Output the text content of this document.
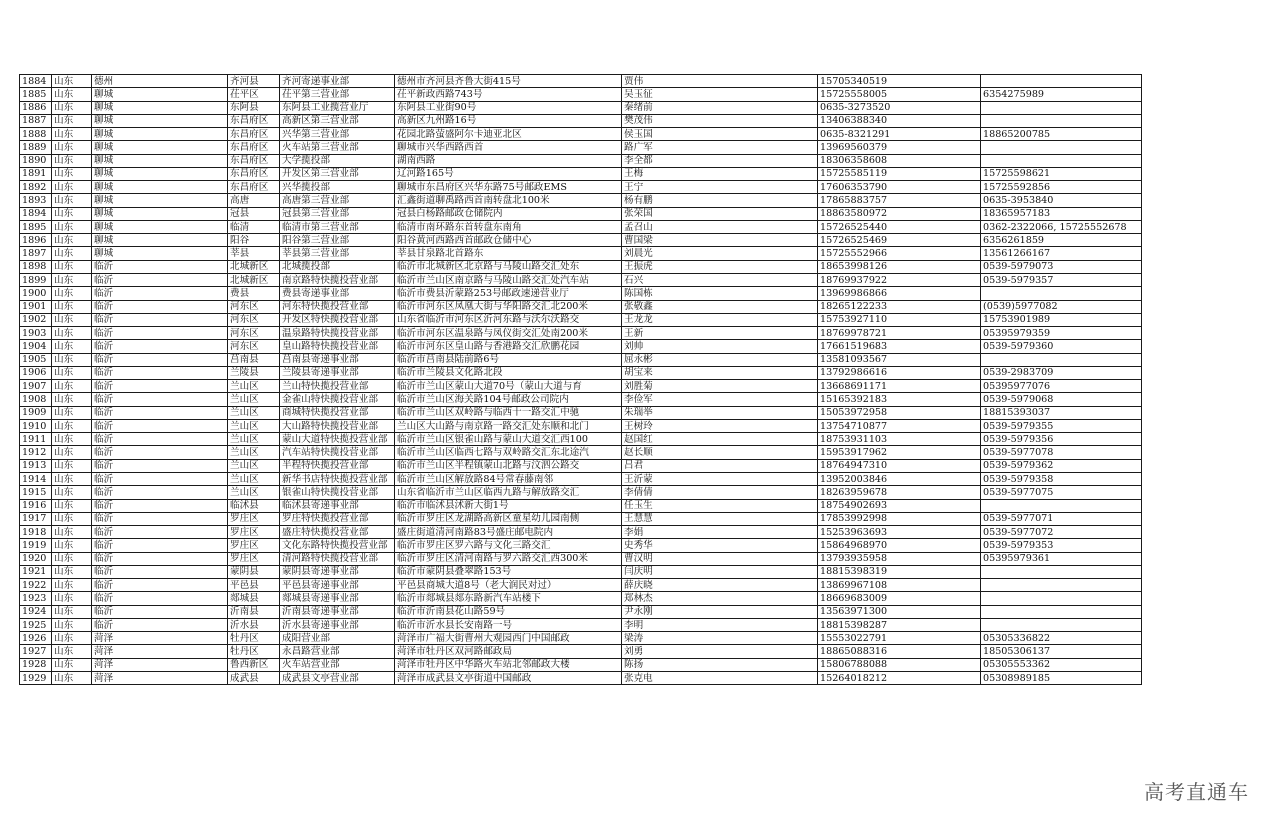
1884	山东	德州	齐河县	齐河寄递事业部	德州市齐河县齐鲁大街415号	贾伟	15705340519	
1885	山东	聊城	茌平区	茌平第三营业部	茌平新政西路743号	吴玉征	15725558005	6354275989
1886	山东	聊城	东阿县	东阿县工业揽营业厅	东阿县工业街90号	秦绪前	0635-3273520	
1887	山东	聊城	东昌府区	高新区第三营业部	高新区九州路16号	樊茂伟	13406388340	
1888	山东	聊城	东昌府区	兴华第三营业部	花园北路萤盛阿尔卡迪亚北区	侯玉国	0635-8321291	18865200785
1889	山东	聊城	东昌府区	火车站第三营业部	聊城市兴华西路西首	路广军	13969560379	
1890	山东	聊城	东昌府区	大学揽投部	湖南西路	李全都	18306358608	
1891	山东	聊城	东昌府区	开发区第三营业部	辽河路165号	王梅	15725585119	15725598621
1892	山东	聊城	东昌府区	兴华揽投部	聊城市东昌府区兴华东路75号邮政EMS	王宁	17606353790	15725592856
1893	山东	聊城	高唐	高唐第三营业部	汇鑫街道聊禹路西首南转盘北100米	杨有鹏	17865883757	0635-3953840
1894	山东	聊城	冠县	冠县第三营业部	冠县白杨路邮政仓储院内	张荣国	18863580972	18365957183
1895	山东	聊城	临清	临清市第三营业部	临清市南环路东首转盘东南角	孟召山	15726525440	0362-2322066, 15725552678
1896	山东	聊城	阳谷	阳谷第三营业部	阳谷黄河西路西首邮政仓储中心	曹国梁	15726525469	6356261859
1897	山东	聊城	莘县	莘县第三营业部	莘县甘泉路北首路东	刘晨光	15725552966	13561266167
1898	山东	临沂	北城新区	北城揽投部	临沂市北城新区北京路与马陵山路交汇处东	王振虎	18653998126	0539-5979073
1899	山东	临沂	北城新区	南京路特快揽投营业部	临沂市兰山区南京路与马陵山路交汇处汽车站	石兴	18769937922	0539-5979357
1900	山东	临沂	费县	费县寄递事业部	临沂市费县沂蒙路253号邮政速递营业厅	陈国栋	13969986866	
1901	山东	临沂	河东区	河东特快揽投营业部	临沂市河东区凤凰大街与华阳路交汇北200米	张敬鑫	18265122233	(0539)5977082
1902	山东	临沂	河东区	开发区特快揽投营业部	山东省临沂市河东区沂河东路与沃尔沃路交	王龙龙	15753927110	15753901989
1903	山东	临沂	河东区	温泉路特快揽投营业部	临沂市河东区温泉路与凤仪街交汇处南200米	王新	18769978721	05395979359
1904	山东	临沂	河东区	皇山路特快揽投营业部	临沂市河东区皇山路与香港路交汇欣鹏花园	刘帅	17661519683	0539-5979360
1905	山东	临沂	莒南县	莒南县寄递事业部	临沂市莒南县陆前路6号	屈永彬	13581093567	
1906	山东	临沂	兰陵县	兰陵县寄递事业部	临沂市兰陵县文化路北段	胡宝来	13792986616	0539-2983709
1907	山东	临沂	兰山区	兰山特快揽投营业部	临沂市兰山区蒙山大道70号（蒙山大道与育	刘胜菊	13668691171	05395977076
1908	山东	临沂	兰山区	金雀山特快揽投营业部	临沂市兰山区海关路104号邮政公司院内	李俭军	15165392183	0539-5979068
1909	山东	临沂	兰山区	商城特快揽投营业部	临沂市兰山区双岭路与临西十一路交汇中驰	朱瑞举	15053972958	18815393037
1910	山东	临沂	兰山区	大山路特快揽投营业部	兰山区大山路与南京路一路交汇处东顺和北门	王树玲	13754710877	0539-5979355
1911	山东	临沂	兰山区	蒙山大道特快揽投营业部	临沂市兰山区银雀山路与蒙山大道交汇西100	赵国红	18753931103	0539-5979356
1912	山东	临沂	兰山区	汽车站特快揽投营业部	临沂市兰山区临西七路与双岭路交汇东北途汽	赵长顺	15953917962	0539-5977078
1913	山东	临沂	兰山区	半程特快揽投营业部	临沂市兰山区半程镇蒙山北路与汶泗公路交	吕君	18764947310	0539-5979362
1914	山东	临沂	兰山区	新华书店特快揽投营业部	临沂市兰山区解放路84号常春藤南邻	王沂蒙	13952003846	0539-5979358
1915	山东	临沂	兰山区	银雀山特快揽投营业部	山东省临沂市兰山区临西九路与解放路交汇	李倩倩	18263959678	0539-5977075
1916	山东	临沂	临沭县	临沭县寄递事业部	临沂市临沭县沭新大街1号	任玉生	18754902693	
1917	山东	临沂	罗庄区	罗庄特快揽投营业部	临沂市罗庄区龙湖路高新区童星幼儿园南侧	王慧慧	17853992998	0539-5977071
1918	山东	临沂	罗庄区	盛庄特快揽投营业部	盛庄街道清河南路83号盛庄邮电院内	李娟	15253963693	0539-5977072
1919	山东	临沂	罗庄区	文化东路特快揽投营业部	临沂市罗庄区罗六路与文化三路交汇	史秀华	15864968970	0539-5979353
1920	山东	临沂	罗庄区	清河路特快揽投营业部	临沂市罗庄区清河南路与罗六路交汇西300米	曹汉明	13793935958	05395979361
1921	山东	临沂	蒙阴县	蒙阴县寄递事业部	临沂市蒙阴县叠翠路153号	闫庆明	18815398319	
1922	山东	临沂	平邑县	平邑县寄递事业部	平邑县商城大道8号（老大润民对过）	薛庆晓	13869967108	
1923	山东	临沂	郯城县	郯城县寄递事业部	临沂市郯城县郯东路新汽车站楼下	郑林杰	18669683009	
1924	山东	临沂	沂南县	沂南县寄递事业部	临沂市沂南县花山路59号	尹永刚	13563971300	
1925	山东	临沂	沂水县	沂水县寄递事业部	临沂市沂水县长安南路一号	李明	18815398287	
1926	山东	菏泽	牡丹区	成阳营业部	菏泽市广福大街曹州大观园西门中国邮政	梁涛	15553022791	05305336822
1927	山东	菏泽	牡丹区	永昌路营业部	菏泽市牡丹区双河路邮政局	刘勇	18865088316	18505306137
1928	山东	菏泽	鲁西新区	火车站营业部	菏泽市牡丹区中华路火车站北邻邮政大楼	陈扬	15806788088	05305553362
1929	山东	菏泽	成武县	成武县文亭营业部	菏泽市成武县文亭街道中国邮政	张克电	15264018212	05308989185
高考直通车
